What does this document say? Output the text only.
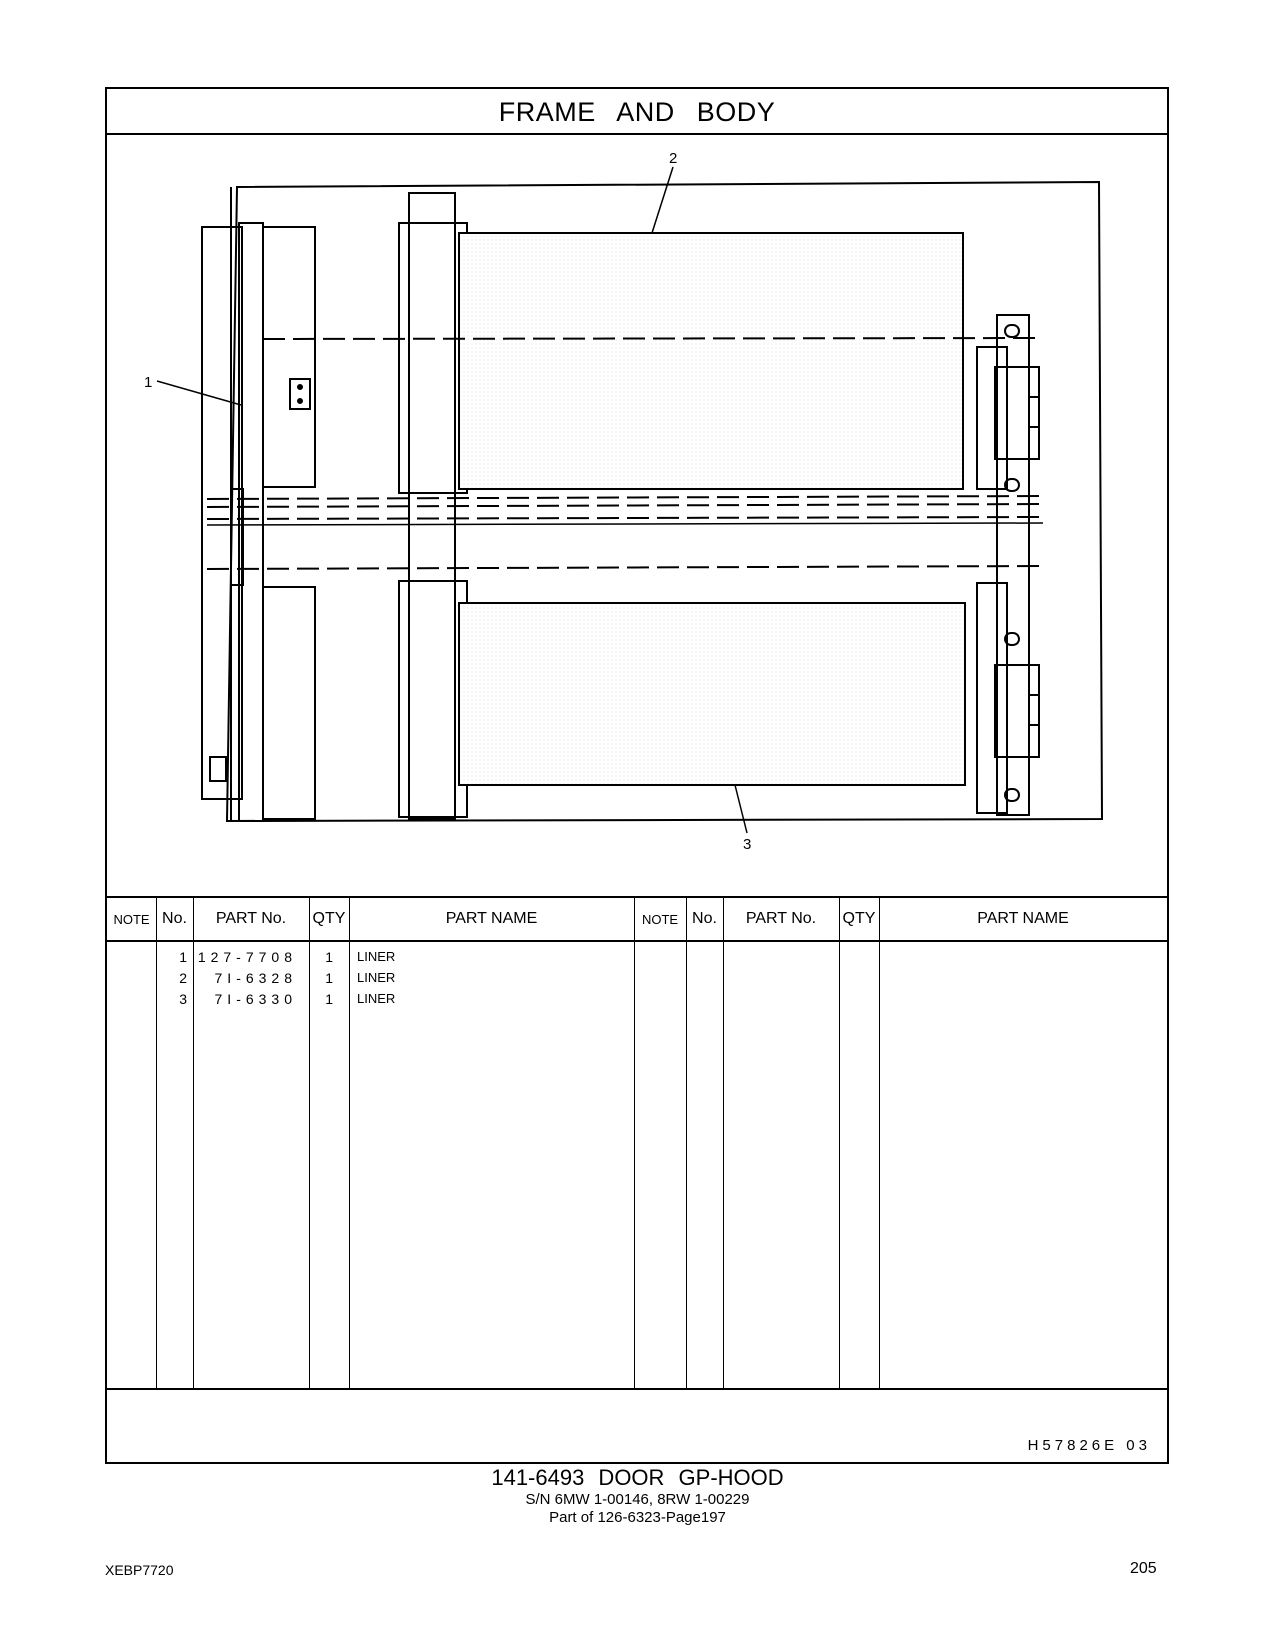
FRAME AND BODY
1
2
3
NOTE No.	PART No.	QTY	PART NAME	NOTE No.	PART No.	QTY	PART NAME
1 127-7708	1 LINER
2	7I-6328	1 LINER
3	7I-6330	1 LINER
H57826E 03
141-6493 DOOR GP-HOOD
S/N 6MW 1-00146, 8RW 1-00229
Part of 126-6323-Page197
XEBP7720	205
